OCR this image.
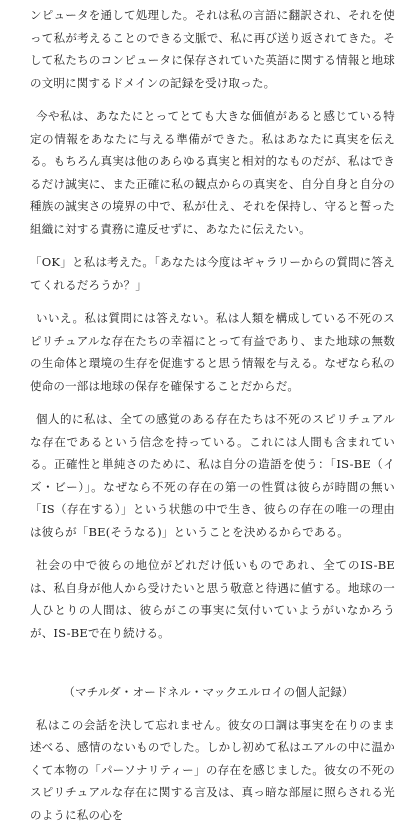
ンピュータを通して処理した。それは私の言語に翻訳され、それを使って私が考えることのできる文脈で、私に再び送り返されてきた。そして私たちのコンピュータに保存されていた英語に関する情報と地球の文明に関するドメインの記録を受け取った。

今や私は、あなたにとってとても大きな価値があると感じている特定の情報をあなたに与える準備ができた。私はあなたに真実を伝える。もちろん真実は他のあらゆる真実と相対的なものだが、私はできるだけ誠実に、また正確に私の観点からの真実を、自分自身と自分の種族の誠実さの境界の中で、私が仕え、それを保持し、守ると誓った組織に対する責務に違反せずに、あなたに伝えたい。

「OK」と私は考えた。「あなたは今度はギャラリーからの質問に答えてくれるだろうか？」

いいえ。私は質問には答えない。私は人類を構成している不死のスピリチュアルな存在たちの幸福にとって有益であり、また地球の無数の生命体と環境の生存を促進すると思う情報を与える。なぜなら私の使命の一部は地球の保存を確保することだからだ。

個人的に私は、全ての感覚のある存在たちは不死のスピリチュアルな存在であるという信念を持っている。これには人間も含まれている。正確性と単純さのために、私は自分の造語を使う：「IS-BE（イズ・ビー）」。なぜなら不死の存在の第一の性質は彼らが時間の無い「IS（存在する）」という状態の中で生き、彼らの存在の唯一の理由は彼らが「BE(そうなる)」ということを決めるからである。

社会の中で彼らの地位がどれだけ低いものであれ、全てのIS-BEは、私自身が他人から受けたいと思う敬意と待遇に値する。地球の一人ひとりの人間は、彼らがこの事実に気付いていようがいなかろうが、IS-BEで在り続ける。

（マチルダ・オードネル・マックエルロイの個人記録）

私はこの会話を決して忘れません。彼女の口調は事実を在りのまま述べる、感情のないものでした。しかし初めて私はエアルの中に温かくて本物の「パーソナリティー」の存在を感じました。彼女の不死のスピリチュアルな存在に関する言及は、真っ暗な部屋に照らされる光のように私の心を
